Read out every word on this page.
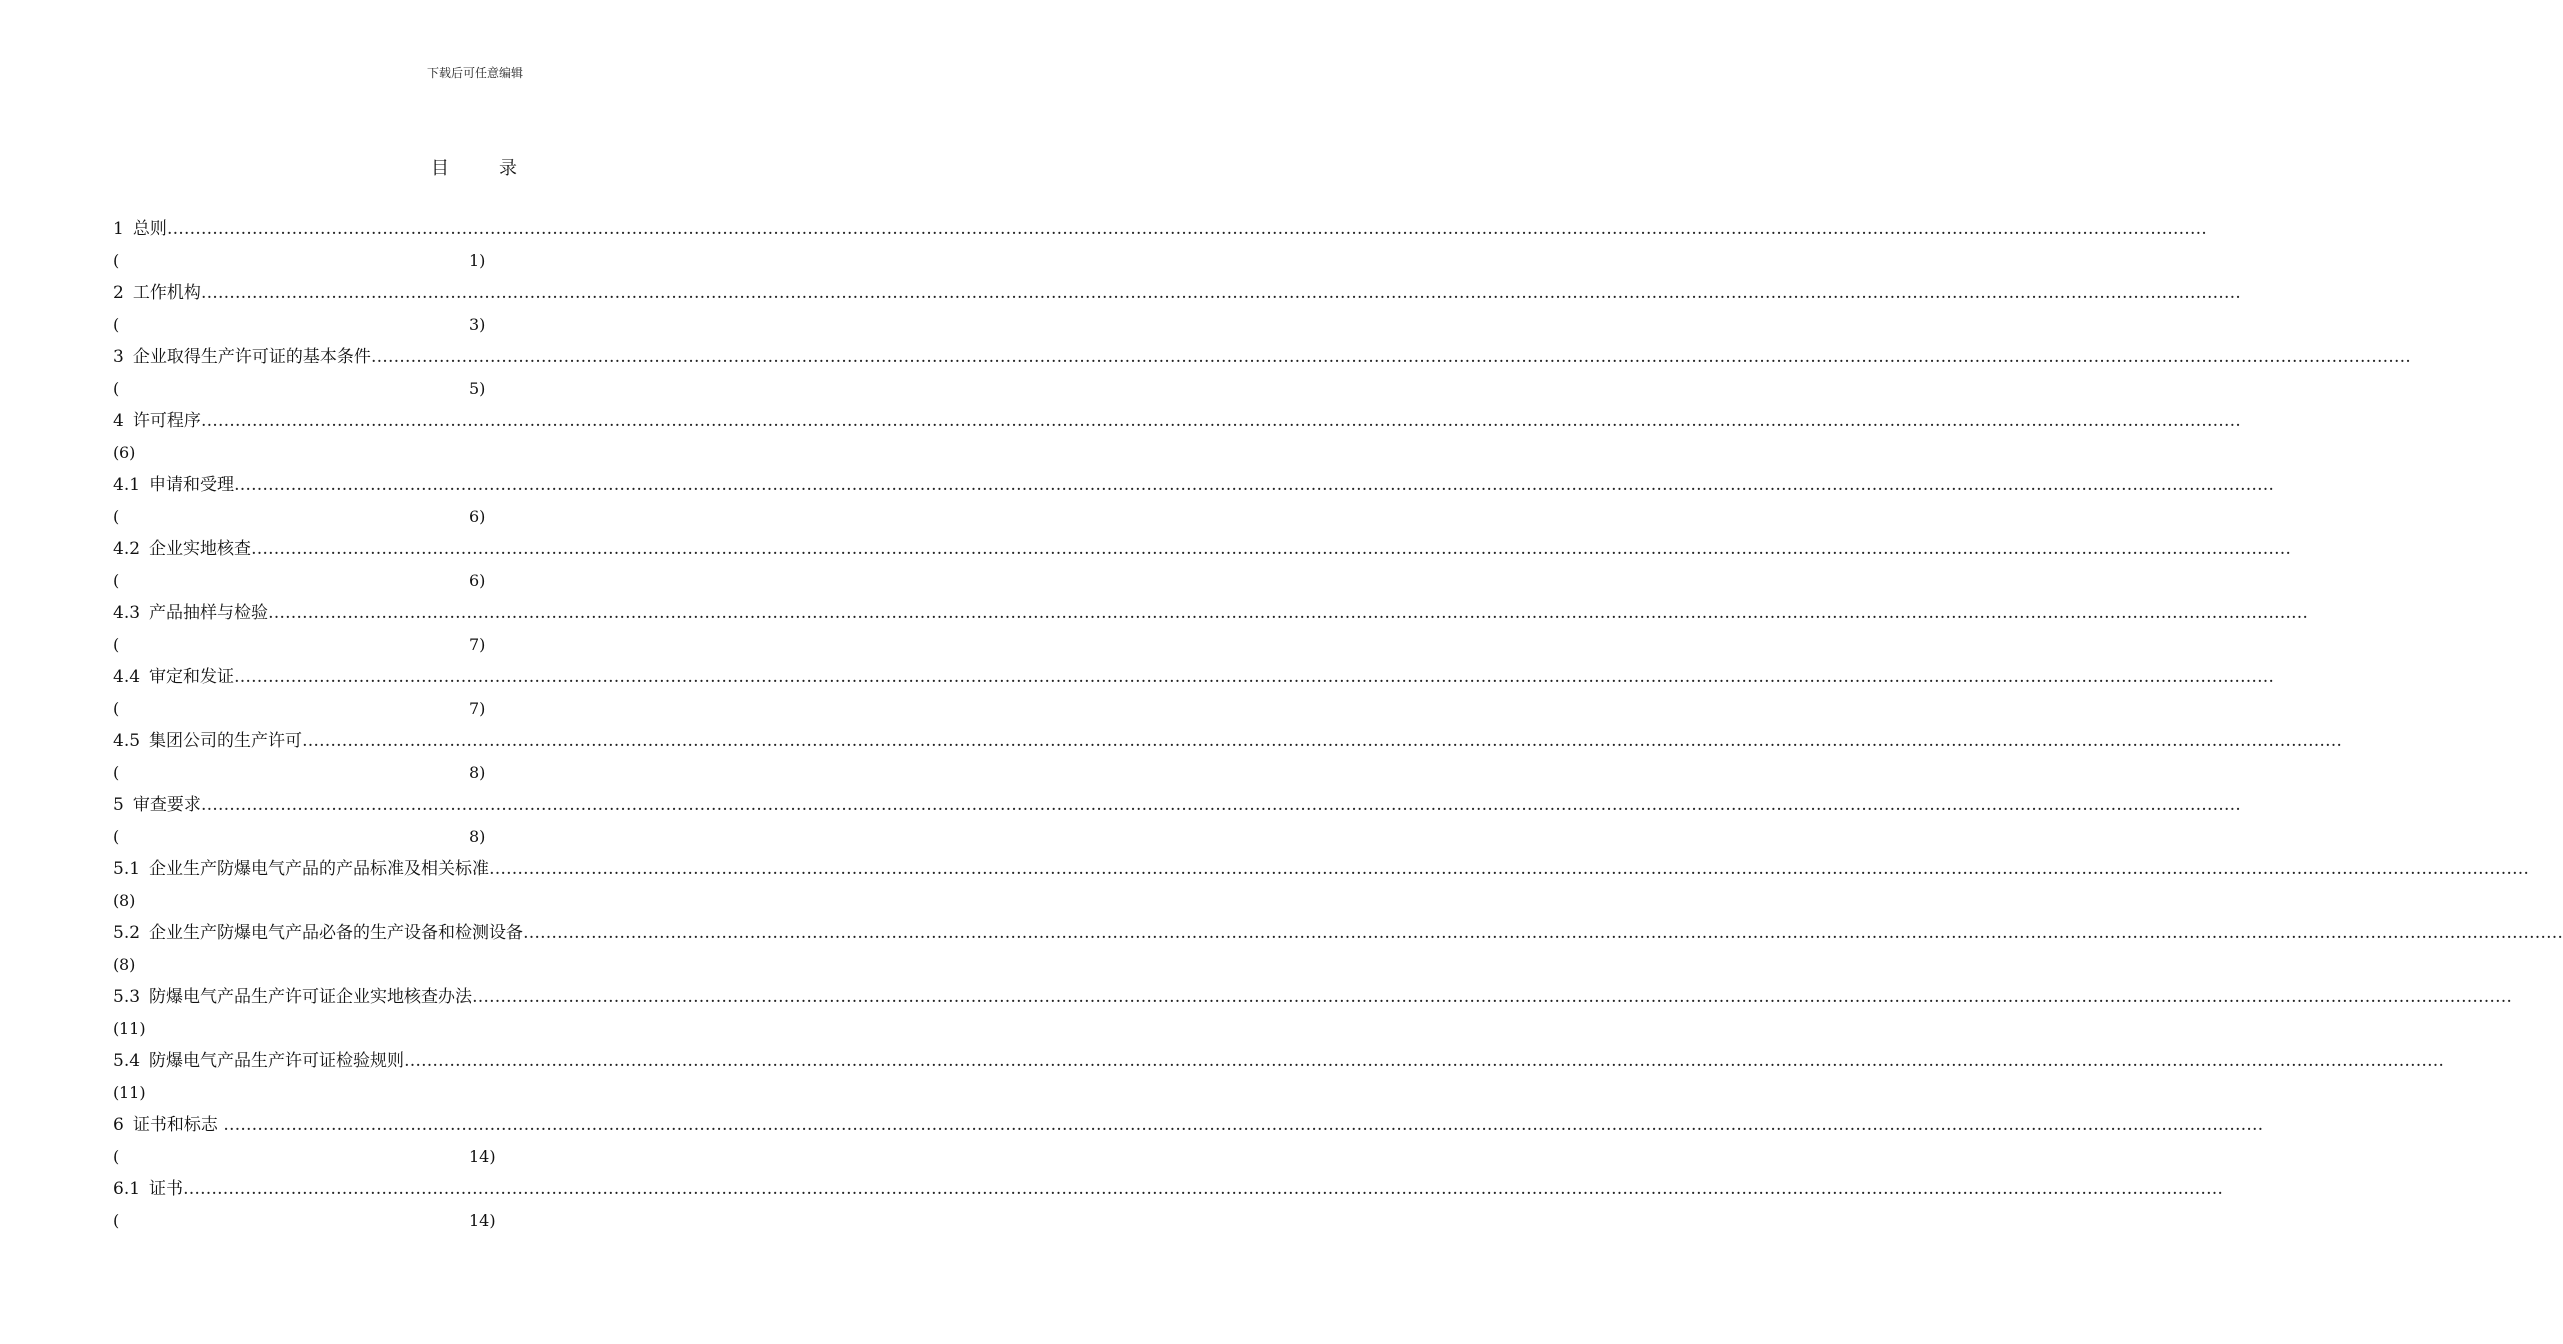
下载后可任意编辑
目	录
1 总则 ………………………………………………………………………………………………………………………………………………………………………………………………………………………………………………………………………………………………………………………………
(	1)
2 工作机构 ………………………………………………………………………………………………………………………………………………………………………………………………………………………………………………………………………………………………………………………………
(	3)
3 企业取得生产许可证的基本条件 ………………………………………………………………………………………………………………………………………………………………………………………………………………………………………………………………………………………………………………………………
(	5)
4 许可程序 ………………………………………………………………………………………………………………………………………………………………………………………………………………………………………………………………………………………………………………………………
( 6)
4.1 申请和受理 ………………………………………………………………………………………………………………………………………………………………………………………………………………………………………………………………………………………………………………………………
(	6)
4.2 企业实地核查 ………………………………………………………………………………………………………………………………………………………………………………………………………………………………………………………………………………………………………………………………
(	6)
4.3 产品抽样与检验 ………………………………………………………………………………………………………………………………………………………………………………………………………………………………………………………………………………………………………………………………
(	7)
4.4 审定和发证 ………………………………………………………………………………………………………………………………………………………………………………………………………………………………………………………………………………………………………………………………
(	7)
4.5 集团公司的生产许可 ………………………………………………………………………………………………………………………………………………………………………………………………………………………………………………………………………………………………………………………………
(	8)
5 审查要求 ………………………………………………………………………………………………………………………………………………………………………………………………………………………………………………………………………………………………………………………………
(	8)
5.1 企业生产防爆电气产品的产品标准及相关标准 ………………………………………………………………………………………………………………………………………………………………………………………………………………………………………………………………………………………………………………………………
( 8)
5.2 企业生产防爆电气产品必备的生产设备和检测设备 ………………………………………………………………………………………………………………………………………………………………………………………………………………………………………………………………………………………………………………………………
( 8)
5.3 防爆电气产品生产许可证企业实地核查办法 ………………………………………………………………………………………………………………………………………………………………………………………………………………………………………………………………………………………………………………………………
( 11)
5.4 防爆电气产品生产许可证检验规则 ………………………………………………………………………………………………………………………………………………………………………………………………………………………………………………………………………………………………………………………………
( 11)
6 证书和标志 ………………………………………………………………………………………………………………………………………………………………………………………………………………………………………………………………………………………………………………………………
(	14)
6.1 证书 ………………………………………………………………………………………………………………………………………………………………………………………………………………………………………………………………………………………………………………………………
(	14)
